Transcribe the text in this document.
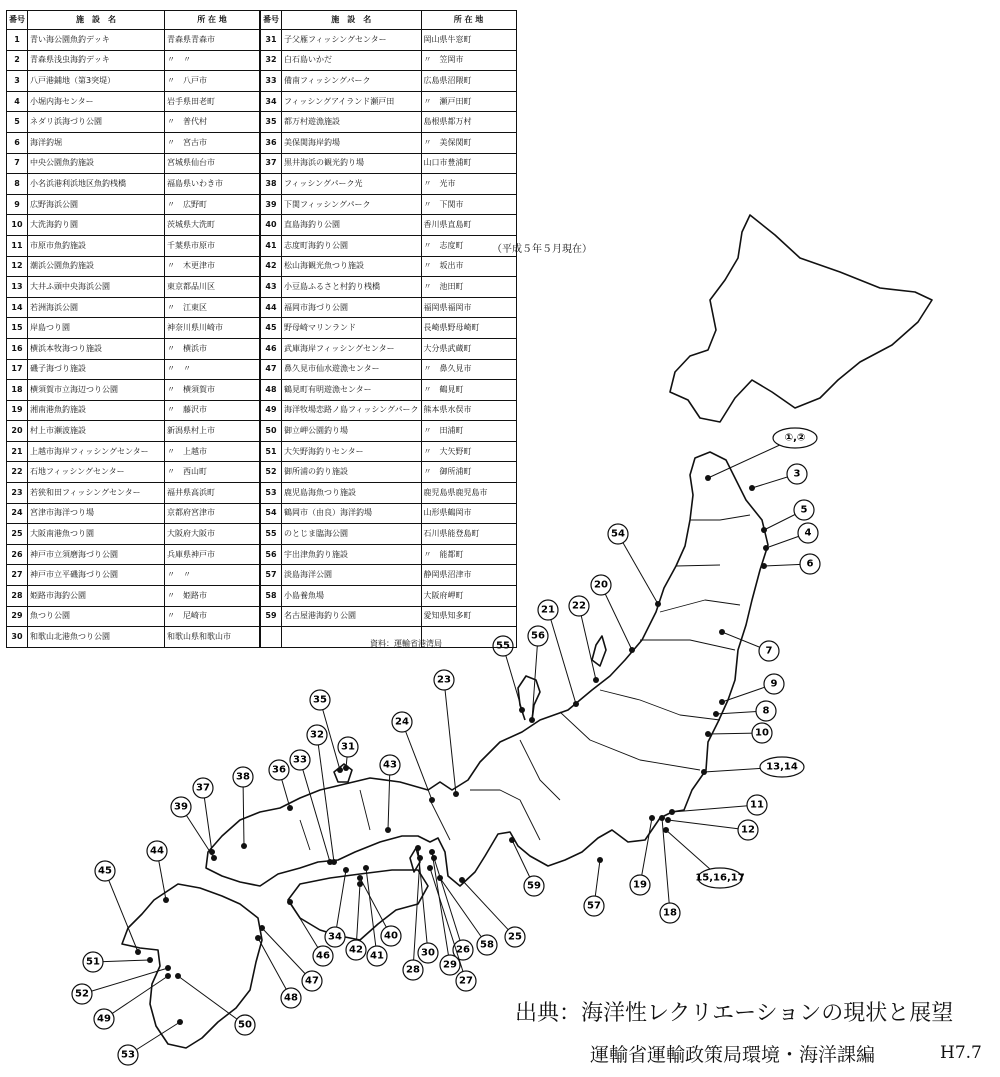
①,②
3
5
4
6
7
9
8
10
13,14
11
12
15,16,17
18
19
57
59
25
58
26
29
27
28
30
41
40
42
34
46
47
48
50
53
49
52
51
45
44
39
37
38
36
33
32
35
31
43
24
23
55
56
21 22
20
54
番号	施　設　名	所 在 地	番号	施　設　名	所 在 地
1	青い海公園魚釣デッキ	青森県青森市	31	子父雁フィッシングセンター	岡山県牛窓町
2	青森県浅虫海釣デッキ	〃　〃	32	白石島いかだ	〃　笠岡市
3	八戸港鋪地（第3突堤）	〃　八戸市	33	備南フィッシングパーク	広島県沼隈町
4	小堀内海センター	岩手県田老町	34	フィッシングアイランド瀬戸田	〃　瀬戸田町
5	ネダリ浜海づり公園	〃　普代村	35	都万村遊漁施設	島根県都万村
6	海洋釣堀	〃　宮古市	36	美保関海岸釣場	〃　美保関町
7	中央公園魚釣施設	宮城県仙台市	37	黒井海浜の観光釣り場	山口市豊浦町
8	小名浜港利浜地区魚釣桟橋	福島県いわき市	38	フィッシングパーク光	〃　光市
9	広野海浜公園	〃　広野町	39	下関フィッシングパーク	〃　下関市
10	大洗海釣り園	茨城県大洗町	40	直島海釣り公園	香川県直島町
11	市原市魚釣施設	千葉県市原市	41	志度町海釣り公園	〃　志度町
12	潮浜公園魚釣施設	〃　木更津市	42	松山海観光魚つり施設	〃　坂出市
13	大井ふ頭中央海浜公園	東京都品川区	43	小豆島ふるさと村釣り桟橋	〃　池田町
14	若洲海浜公園	〃　江東区	44	福岡市海づり公園	福岡県福岡市
15	岸島つり園	神奈川県川崎市	45	野母崎マリンランド	長崎県野母崎町
16	横浜本牧海つり施設	〃　横浜市	46	武庫海岸フィッシングセンター	大分県武蔵町
17	磯子海づり施設	〃　〃	47	鼻久見市仙水遊漁センター	〃　鼻久見市
18	横須賀市立海辺つり公園	〃　横須賀市	48	鶴見町有明遊漁センター	〃　鶴見町
19	湘南港魚釣施設	〃　藤沢市	49	海洋牧場恋路ノ島フィッシングパーク	熊本県水俣市
20	村上市瀬波施設	新潟県村上市	50	御立岬公園釣り場	〃　田浦町
21	上越市海岸フィッシングセンター	〃　上越市	51	大矢野海釣りセンター	〃　大矢野町
22	石地フィッシングセンター	〃　西山町	52	御所浦の釣り施設	〃　御所浦町
23	若狭和田フィッシングセンター	福井県高浜町	53	鹿児島海魚つり施設	鹿児島県鹿児島市
24	宮津市海洋つり場	京都府宮津市	54	鶴岡市（由良）海洋釣場	山形県鶴岡市
25	大阪南港魚つり園	大阪府大阪市	55	のとじま臨海公園	石川県能登島町
26	神戸市立須磨海づり公園	兵庫県神戸市	56	宇出津魚釣り施設	〃　能都町
27	神戸市立平磯海づり公園	〃　〃	57	淡島海洋公園	静岡県沼津市
28	姫路市海釣公園	〃　姫路市	58	小島養魚場	大阪府岬町
29	魚つり公園	〃　尼崎市	59	名古屋港海釣り公園	愛知県知多町
30	和歌山北港魚つり公園	和歌山県和歌山市			
資料：運輸省港湾局
（平成５年５月現在）
出典：海洋性レクリエーションの現状と展望
運輸省運輸政策局環境・海洋課編	H7.7
